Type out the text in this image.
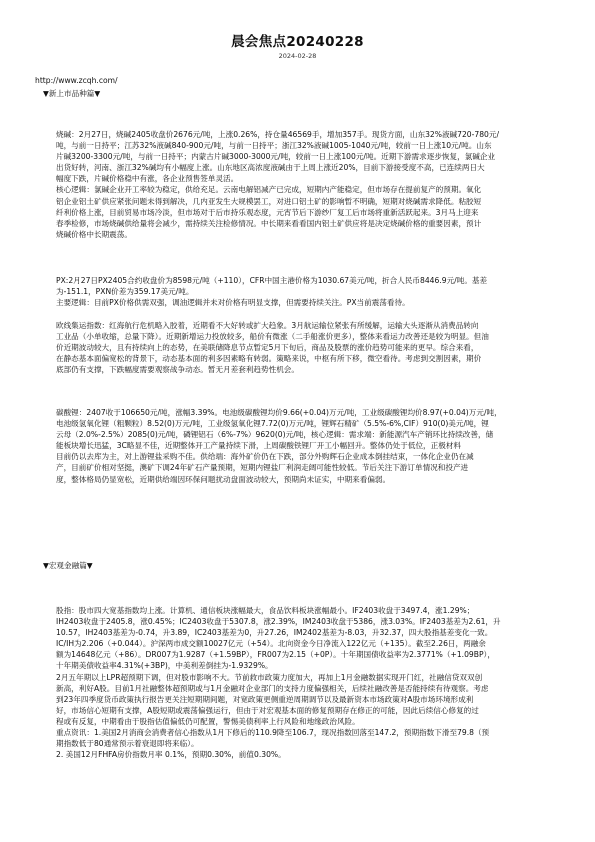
晨会焦点20240228
2024-02-28
http://www.zcqh.com/
▼新上市品种篇▼
烧碱：2月27日，烧碱2405收盘价2676元/吨，上涨0.26%，持仓量46569手，增加357手。现货方面，山东32%液碱720-780元/
吨，与前一日持平；江苏32%液碱840-900元/吨，与前一日持平；浙江32%液碱1005-1040元/吨，较前一日上涨10元/吨。山东
片碱3200-3300元/吨，与前一日持平；内蒙古片碱3000-3000元/吨，较前一日上涨100元/吨。近期下游需求逐步恢复，氯碱企业
出货好转，河南、浙江32%碱均有小幅度上涨。山东地区高浓度液碱由于上周上涨近20%，目前下游接受度不高，已连续两日大
幅度下跌，片碱价格稳中有涨，各企业预售签单灵活。
核心逻辑：氯碱企业开工率较为稳定，供给充足。云南电解铝减产已完成，短期内产能稳定，但市场存在提前复产的预期。氧化
铝企业铝土矿供应紧张问题未得到解决，几内亚发生大规模罢工，对进口铝土矿的影响暂不明确，短期对烧碱需求降低。粘胶短
纤利价格上涨，目前贸易市场冷淡，但市场对于后市持乐观态度，元宵节后下游纱厂复工后市场将重新活跃起来。3月马上迎来
春季检修，市场烧碱供给量将会减少，需持续关注检修情况。中长期来看看国内铝土矿供应将是决定烧碱价格的重要因素，预计
烧碱价格中长期震荡。
PX:2月27日PX2405合约收盘价为8598元/吨（+110），CFR中国主港价格为1030.67美元/吨，折合人民币8446.9元/吨。基差
为-151.1，PXN价差为359.17美元/吨。
主要逻辑：目前PX价格供需双强，调油逻辑并未对价格有明显支撑，但需要持续关注。PX当前震荡看待。
欧线集运指数：红海航行危机略入胶着，近期看不大好转或扩大趋象。3月航运输位紧张有所缓解，运输大头逐渐从消费品转向
工业品（小单收缩，总量下降）。近期新增运力投放较多，船价有微涨（二手船涨价更多），整体来看运力改善还是较为明显。但油
价近期波动较大，且有持续向上的态势，在美联储降息节点暂定5月下旬后，商品及股票的涨价趋势可能来的更早。综合来看，
在静态基本面偏宽松的背景下，动态基本面的利多因素略有转弱。策略来说，中枢有所下移，微空看待。考虑到交割因素，期价
底部仍有支撑，下跌幅度需要观察战争动态。暂无月差套利趋势性机会。
碳酸锂：2407收于106650元/吨，涨幅3.39%。电池级碳酸锂均价9.66(+0.04)万元/吨，工业级碳酸锂均价8.97(+0.04)万元/吨，
电池级氢氧化锂（粗颗粒）8.52(0)万元/吨，工业级氢氧化锂7.72(0)万元/吨，锂辉石精矿（5.5%-6%,CIF）910(0)美元/吨，锂
云母（2.0%-2.5%）2085(0)元/吨，磷锂铝石（6%-7%）9620(0)元/吨，核心逻辑：需求端：新能源汽车产销环比持续改善，储
能板块增长迅猛，3C略显不佳，近期整体开工产量持续下滑，上周碳酸铁锂厂开工小幅回升。整体仍处于低位，正极材料
目前仍以去库为主，对上游锂盐采购不佳。供给端：海外矿价仍在下跌，部分外购辉石企业成本倒挂结束，一体化企业仍在减
产，目前矿价相对坚挺，澳矿下调24年矿石产量预期，短期内锂盐厂利润走阔可能性较低。节后关注下游订单情况和投产进
度，整体格局仍显宽松，近期供给端因环保问题扰动盘面波动较大，预期尚未证实，中期来看偏弱。
▼宏观金融篇▼
股指：股市四大宽基指数均上涨。计算机、通信板块涨幅最大，食品饮料板块涨幅最小。IF2403收盘于3497.4，涨1.29%；
IH2403收盘于2405.8，涨0.45%；IC2403收盘于5307.8，涨2.39%，IM2403收盘于5386，涨3.03%。IF2403基差为2.61，升
10.57，IH2403基差为-0.74，升3.89，IC2403基差为0，升27.26，IM2402基差为-8.03，升32.37，四大股指基差变化一致。
IC/IH为2.206（+0.044）。沪深两市成交额10027亿元（+54）。北向资金今日净流入122亿元（+135）。截至2.26日，两融余
额为14648亿元（+86）。DR007为1.9287（+1.59BP），FR007为2.15（+0P）。十年期国债收益率为2.3771%（+1.09BP），
十年期美债收益率4.31%(+3BP)，中美利差倒挂为-1.9329%。
2月五年期以上LPR超预期下调，但对股市影响不大。节前救市政策力度加大，再加上1月金融数据实现开门红，社融信贷双双创
新高，利好A股。目前1月社融整体超预期或与1月金融对企业部门的支持力度偏强相关，后续社融改善是否能持续有待观察。考虑
到23年四季度货币政策执行报告更关注短期期间题，对宽政策更侧重逆周期调节以及最新资本市场政策对A股市场环境形成利
好，市场信心短期有支撑，A股短期或震荡偏强运行，但由于对宏观基本面的修复预期存在修正的可能，因此后续信心修复的过
程或有反复，中期看由于股指估值偏低仍可配置，警惕美债利率上行风险和地缘政治风险。
重点资讯：1.美国2月消商会消费者信心指数从1月下修后的110.9降至106.7，现况指数回落至147.2，预期指数下滑至79.8（预
期指数低于80通常预示着衰退即将来临）。
2. 美国12月FHFA房价指数月率 0.1%，预期0.30%，前值0.30%。
